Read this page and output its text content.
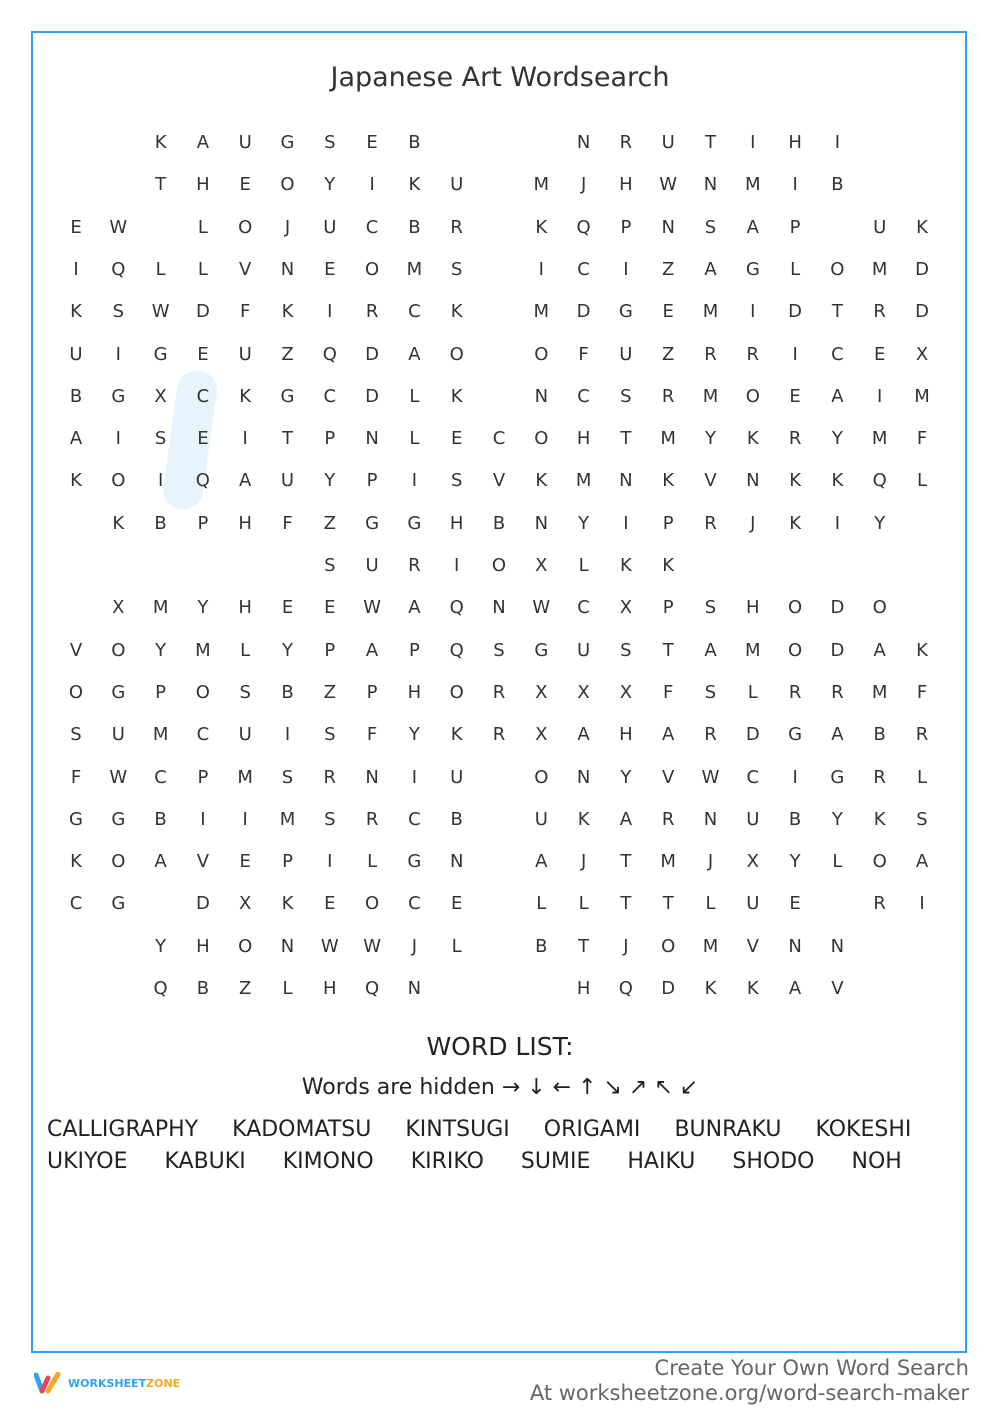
Japanese Art Wordsearch
K	A	U	G	S	E	B	N	R	U	T	I	H	I
T	H	E	O	Y	I	K	U	M	J	H	W	N	M	I	B
E	W	L	O	J	U	C	B	R	K	Q	P	N	S	A	P	U	K
I	Q	L	L	V	N	E	O	M	S	I	C	I	Z	A	G	L	O	M	D
K	S	W	D	F	K	I	R	C	K	M	D	G	E	M	I	D	T	R	D
U	I	G	E	U	Z	Q	D	A	O	O	F	U	Z	R	R	I	C	E	X
B	G	X	C	K	G	C	D	L	K	N	C	S	R	M	O	E	A	I	M
A	I	S	E	I	T	P	N	L	E	C	O	H	T	M	Y	K	R	Y	M	F
K	O	I	Q	A	U	Y	P	I	S	V	K	M	N	K	V	N	K	K	Q	L
K	B	P	H	F	Z	G	G	H	B	N	Y	I	P	R	J	K	I	Y
S	U	R	I	O	X	L	K	K
X	M	Y	H	E	E	W	A	Q	N	W	C	X	P	S	H	O	D	O
V	O	Y	M	L	Y	P	A	P	Q	S	G	U	S	T	A	M	O	D	A	K
O	G	P	O	S	B	Z	P	H	O	R	X	X	X	F	S	L	R	R	M	F
S	U	M	C	U	I	S	F	Y	K	R	X	A	H	A	R	D	G	A	B	R
F	W	C	P	M	S	R	N	I	U	O	N	Y	V	W	C	I	G	R	L
G	G	B	I	I	M	S	R	C	B	U	K	A	R	N	U	B	Y	K	S
K	O	A	V	E	P	I	L	G	N	A	J	T	M	J	X	Y	L	O	A
C	G	D	X	K	E	O	C	E	L	L	T	T	L	U	E	R	I
Y	H	O	N	W	W	J	L	B	T	J	O	M	V	N	N
Q	B	Z	L	H	Q	N	H	Q	D	K	K	A	V
WORD LIST:
Words are hidden → ↓ ← ↑ ↘ ↗ ↖ ↙
CALLIGRAPHY KADOMATSU KINTSUGI ORIGAMI BUNRAKU KOKESHI
UKIYOE KABUKI KIMONO KIRIKO SUMIE HAIKU SHODO NOH
WORKSHEETZONE
Create Your Own Word Search
At worksheetzone.org/word-search-maker
